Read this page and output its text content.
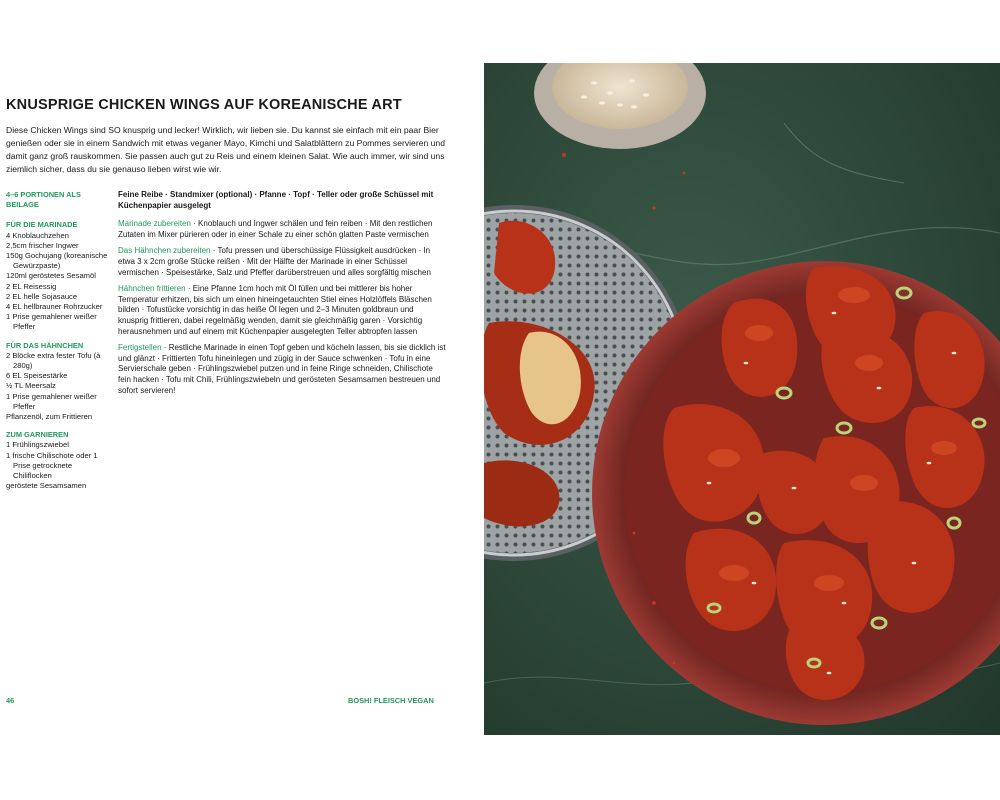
KNUSPRIGE CHICKEN WINGS AUF KOREANISCHE ART

Diese Chicken Wings sind SO knusprig und lecker! Wirklich, wir lieben sie. Du kannst sie einfach mit ein paar Bier genießen oder sie in einem Sandwich mit etwas veganer Mayo, Kimchi und Salatblättern zu Pommes servieren und damit ganz groß rauskommen. Sie passen auch gut zu Reis und einem kleinen Salat. Wie auch immer, wir sind uns ziemlich sicher, dass du sie genauso lieben wirst wie wir.

4–6 PORTIONEN ALS BEILAGE
FÜR DIE MARINADE
4 Knoblauchzehen
2,5cm frischer Ingwer
150g Gochujang (koreanische Gewürzpaste)
120ml geröstetes Sesamöl
2 EL Reisessig
2 EL helle Sojasauce
4 EL hellbrauner Rohrzucker
1 Prise gemahlener weißer Pfeffer
FÜR DAS HÄHNCHEN
2 Blöcke extra fester Tofu (à 280g)
6 EL Speisestärke
½ TL Meersalz
1 Prise gemahlener weißer Pfeffer
Pflanzenöl, zum Frittieren
ZUM GARNIEREN
1 Frühlingszwiebel
1 frische Chilischote oder 1 Prise getrocknete Chiliflocken
geröstete Sesamsamen

Feine Reibe · Standmixer (optional) · Pfanne · Topf · Teller oder große Schüssel mit Küchenpapier ausgelegt

Marinade zubereiten · Knoblauch und Ingwer schälen und fein reiben · Mit den restlichen Zutaten im Mixer pürieren oder in einer Schale zu einer schön glatten Paste vermischen

Das Hähnchen zubereiten · Tofu pressen und überschüssige Flüssigkeit ausdrücken · In etwa 3 x 2cm große Stücke reißen · Mit der Hälfte der Marinade in einer Schüssel vermischen · Speisestärke, Salz und Pfeffer darüberstreuen und alles sorgfältig mischen

Hähnchen frittieren · Eine Pfanne 1cm hoch mit Öl füllen und bei mittlerer bis hoher Temperatur erhitzen, bis sich um einen hineingetauchten Stiel eines Holzlöffels Bläschen bilden · Tofustücke vorsichtig in das heiße Öl legen und 2–3 Minuten goldbraun und knusprig frittieren, dabei regelmäßig wenden, damit sie gleichmäßig garen · Vorsichtig herausnehmen und auf einem mit Küchenpapier ausgelegten Teller abtropfen lassen

Fertigstellen · Restliche Marinade in einen Topf geben und köcheln lassen, bis sie dicklich ist und glänzt · Frittierten Tofu hineinlegen und zügig in der Sauce schwenken · Tofu in eine Servierschale geben · Frühlingszwiebel putzen und in feine Ringe schneiden, Chilischote fein hacken · Tofu mit Chili, Frühlingszwiebeln und gerösteten Sesamsamen bestreuen und sofort servieren!

46	BOSH! FLEISCH VEGAN
